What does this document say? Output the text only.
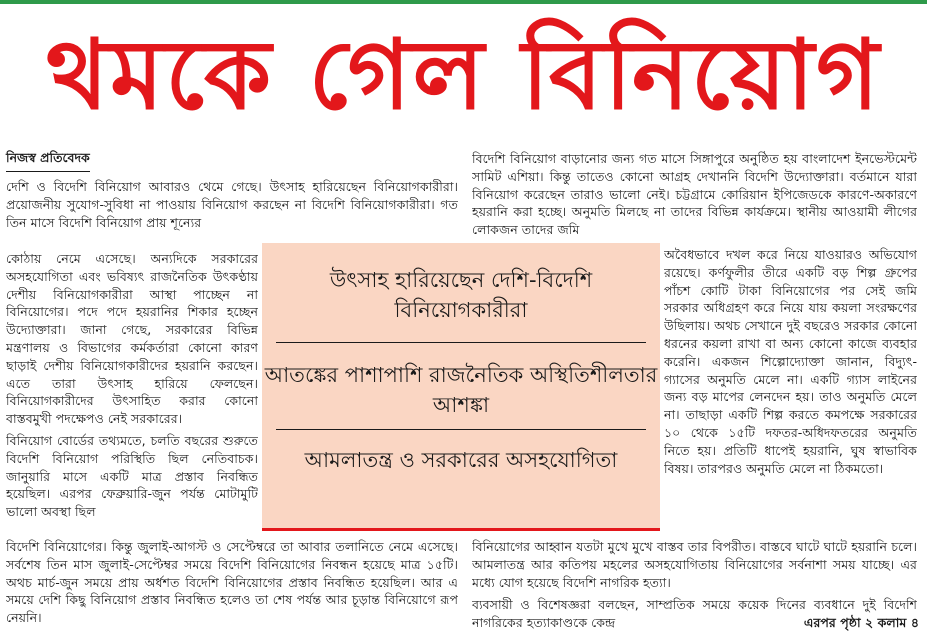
থমকে গেল বিনিয়োগ
নিজস্ব প্রতিবেদক

দেশি ও বিদেশি বিনিয়োগ আবারও থেমে গেছে। উৎসাহ হারিয়েছেন বিনিয়োগকারীরা। প্রয়োজনীয় সুযোগ-সুবিধা না পাওয়ায় বিনিয়োগ করছেন না বিদেশি বিনিয়োগকারীরা। গত তিন মাসে বিদেশি বিনিয়োগ প্রায় শূন্যের

কোঠায় নেমে এসেছে। অন্যদিকে সরকারের অসহযোগিতা এবং ভবিষ্যৎ রাজনৈতিক উৎকণ্ঠায় দেশীয় বিনিয়োগকারীরা আস্থা পাচ্ছেন না বিনিয়োগের। পদে পদে হয়রানির শিকার হচ্ছেন উদ্যোক্তারা। জানা গেছে, সরকারের বিভিন্ন মন্ত্রণালয় ও বিভাগের কর্মকর্তারা কোনো কারণ ছাড়াই দেশীয় বিনিয়োগকারীদের হয়রানি করছেন। এতে তারা উৎসাহ হারিয়ে ফেলছেন। বিনিয়োগকারীদের উৎসাহিত করার কোনো বাস্তবমুখী পদক্ষেপও নেই সরকারের।

বিনিয়োগ বোর্ডের তথ্যমতে, চলতি বছরের শুরুতে বিদেশি বিনিয়োগ পরিস্থিতি ছিল নেতিবাচক। জানুয়ারি মাসে একটি মাত্র প্রস্তাব নিবন্ধিত হয়েছিল। এরপর ফেব্রুয়ারি-জুন পর্যন্ত মোটামুটি ভালো অবস্থা ছিল

বিদেশি বিনিয়োগের। কিন্তু জুলাই-আগস্ট ও সেপ্টেম্বরে তা আবার তলানিতে নেমে এসেছে। সর্বশেষ তিন মাস জুলাই-সেপ্টেম্বর সময়ে বিদেশি বিনিয়োগের নিবন্ধন হয়েছে মাত্র ১৫টি। অথচ মার্চ-জুন সময়ে প্রায় অর্ধশত বিদেশি বিনিয়োগের প্রস্তাব নিবন্ধিত হয়েছিল। আর এ সময়ে দেশি কিছু বিনিয়োগ প্রস্তাব নিবন্ধিত হলেও তা শেষ পর্যন্ত আর চূড়ান্ত বিনিয়োগে রূপ নেয়নি।

বিদেশি বিনিয়োগ বাড়ানোর জন্য গত মাসে সিঙ্গাপুরে অনুষ্ঠিত হয় বাংলাদেশ ইনভেস্টমেন্ট সামিট এশিয়া। কিন্তু তাতেও কোনো আগ্রহ দেখাননি বিদেশি উদ্যোক্তারা। বর্তমানে যারা বিনিয়োগ করেছেন তারাও ভালো নেই। চট্টগ্রামে কোরিয়ান ইপিজেডকে কারণে-অকারণে হয়রানি করা হচ্ছে। অনুমতি মিলছে না তাদের বিভিন্ন কার্যক্রমে। স্থানীয় আওয়ামী লীগের লোকজন তাদের জমি

অবৈধভাবে দখল করে নিয়ে যাওয়ারও অভিযোগ রয়েছে। কর্ণফুলীর তীরে একটি বড় শিল্প গ্রুপের পাঁচশ কোটি টাকা বিনিয়োগের পর সেই জমি সরকার অধিগ্রহণ করে নিয়ে যায় কয়লা সংরক্ষণের উছিলায়। অথচ সেখানে দুই বছরেও সরকার কোনো ধরনের কয়লা রাখা বা অন্য কোনো কাজে ব্যবহার করেনি। একজন শিল্পোদ্যোক্তা জানান, বিদ্যুৎ-গ্যাসের অনুমতি মেলে না। একটি গ্যাস লাইনের জন্য বড় মাপের লেনদেন হয়। তাও অনুমতি মেলে না। তাছাড়া একটি শিল্প করতে কমপক্ষে সরকারের ১০ থেকে ১৫টি দফতর-অধিদফতরের অনুমতি নিতে হয়। প্রতিটি ধাপেই হয়রানি, ঘুষ স্বাভাবিক বিষয়। তারপরও অনুমতি মেলে না ঠিকমতো।

বিনিয়োগের আহ্বান যতটা মুখে মুখে বাস্তব তার বিপরীত। বাস্তবে ঘাটে ঘাটে হয়রানি চলে। আমলাতন্ত্র আর কতিপয় মহলের অসহযোগিতায় বিনিয়োগের সর্বনাশা সময় যাচ্ছে। এর মধ্যে যোগ হয়েছে বিদেশি নাগরিক হত্যা।

ব্যবসায়ী ও বিশেষজ্ঞরা বলছেন, সাম্প্রতিক সময়ে কয়েক দিনের ব্যবধানে দুই বিদেশি নাগরিকের হত্যাকাণ্ডকে কেন্দ্র	এরপর পৃষ্ঠা ২ কলাম ৪
উৎসাহ হারিয়েছেন দেশি-বিদেশি বিনিয়োগকারীরা
আতঙ্কের পাশাপাশি রাজনৈতিক অস্থিতিশীলতার আশঙ্কা
আমলাতন্ত্র ও সরকারের অসহযোগিতা
